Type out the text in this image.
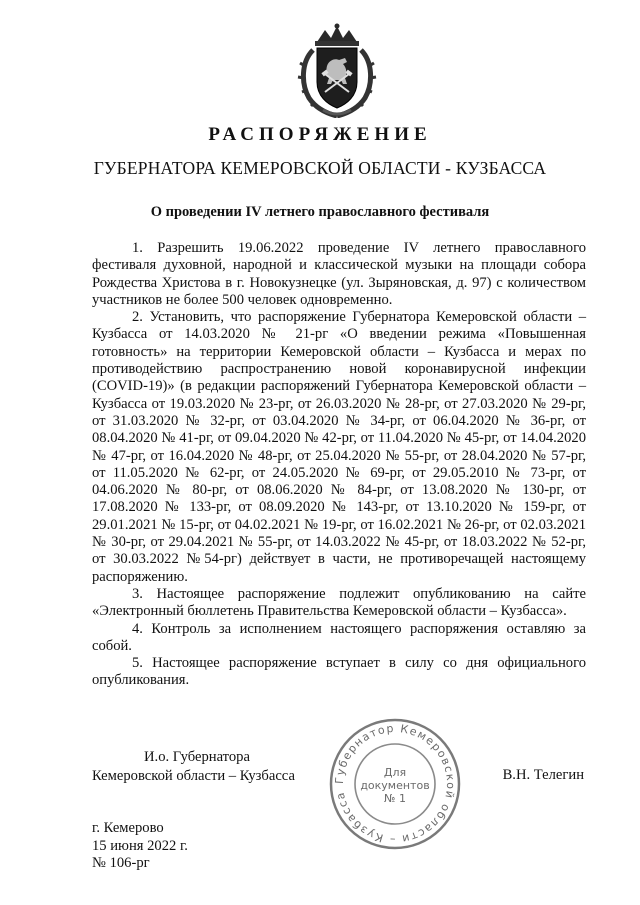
РАСПОРЯЖЕНИЕ
ГУБЕРНАТОРА КЕМЕРОВСКОЙ ОБЛАСТИ - КУЗБАССА
О проведении IV летнего православного фестиваля

1. Разрешить 19.06.2022 проведение IV летнего православного фестиваля духовной, народной и классической музыки на площади собора Рождества Христова в г. Новокузнецке (ул. Зыряновская, д. 97) с количеством участников не более 500 человек одновременно.

2. Установить, что распоряжение Губернатора Кемеровской области – Кузбасса от 14.03.2020 № 21-рг «О введении режима «Повышенная готовность» на территории Кемеровской области – Кузбасса и мерах по противодействию распространению новой коронавирусной инфекции (COVID-19)» (в редакции распоряжений Губернатора Кемеровской области – Кузбасса от 19.03.2020 № 23-рг, от 26.03.2020 № 28-рг, от 27.03.2020 № 29-рг, от 31.03.2020 № 32-рг, от 03.04.2020 № 34-рг, от 06.04.2020 № 36-рг, от 08.04.2020 № 41-рг, от 09.04.2020 № 42-рг, от 11.04.2020 № 45-рг, от 14.04.2020 № 47-рг, от 16.04.2020 № 48-рг, от 25.04.2020 № 55-рг, от 28.04.2020 № 57-рг, от 11.05.2020 № 62-рг, от 24.05.2020 № 69-рг, от 29.05.2010 № 73-рг, от 04.06.2020 № 80-рг, от 08.06.2020 № 84-рг, от 13.08.2020 № 130-рг, от 17.08.2020 № 133-рг, от 08.09.2020 № 143-рг, от 13.10.2020 № 159-рг, от 29.01.2021 № 15-рг, от 04.02.2021 № 19-рг, от 16.02.2021 № 26-рг, от 02.03.2021 № 30-рг, от 29.04.2021 № 55-рг, от 14.03.2022 № 45-рг, от 18.03.2022 № 52-рг, от 30.03.2022 №54-рг) действует в части, не противоречащей настоящему распоряжению.

3. Настоящее распоряжение подлежит опубликованию на сайте «Электронный бюллетень Правительства Кемеровской области – Кузбасса».

4. Контроль за исполнением настоящего распоряжения оставляю за собой.

5. Настоящее распоряжение вступает в силу со дня официального опубликования.

И.о. Губернатора
Кемеровской области – Кузбасса	Губернатор Кемеровской области – Кузбасса
Для
документов
№ 1
В.Н. Телегин
г. Кемерово
15 июня 2022 г.
№ 106-рг
